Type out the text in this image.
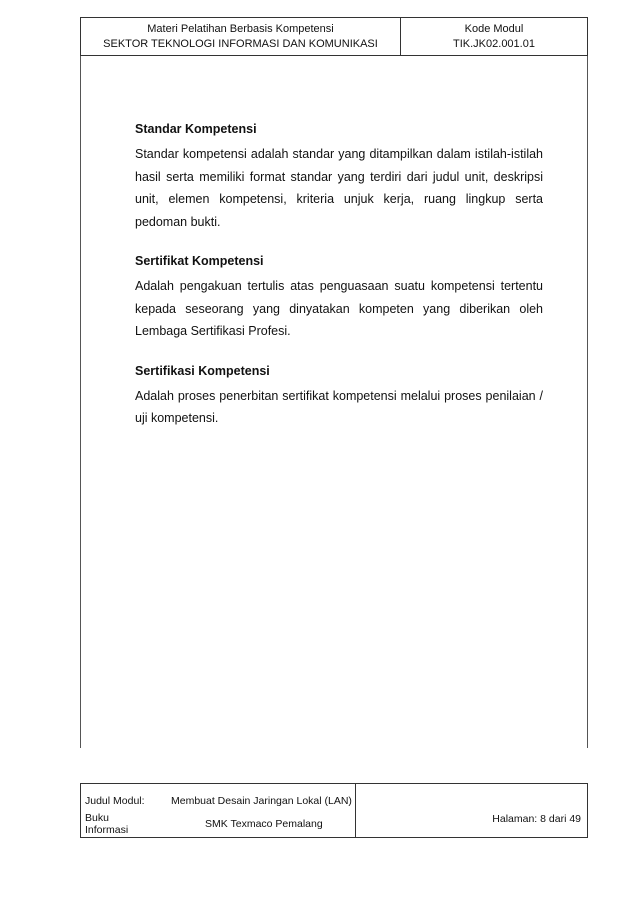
Materi Pelatihan Berbasis Kompetensi
SEKTOR TEKNOLOGI INFORMASI DAN KOMUNIKASI
Kode Modul
TIK.JK02.001.01
Standar Kompetensi

Standar kompetensi adalah standar yang ditampilkan dalam istilah-istilah hasil serta memiliki format standar yang terdiri dari judul unit, deskripsi unit, elemen kompetensi, kriteria unjuk kerja, ruang lingkup serta pedoman bukti.

Sertifikat Kompetensi

Adalah pengakuan tertulis atas penguasaan suatu kompetensi tertentu kepada seseorang yang dinyatakan kompeten yang diberikan oleh Lembaga Sertifikasi Profesi.

Sertifikasi Kompetensi

Adalah proses penerbitan sertifikat kompetensi melalui proses penilaian / uji kompetensi.

Judul Modul:	Membuat Desain Jaringan Lokal (LAN)
Buku Informasi	SMK Texmaco Pemalang	Halaman: 8 dari 49
